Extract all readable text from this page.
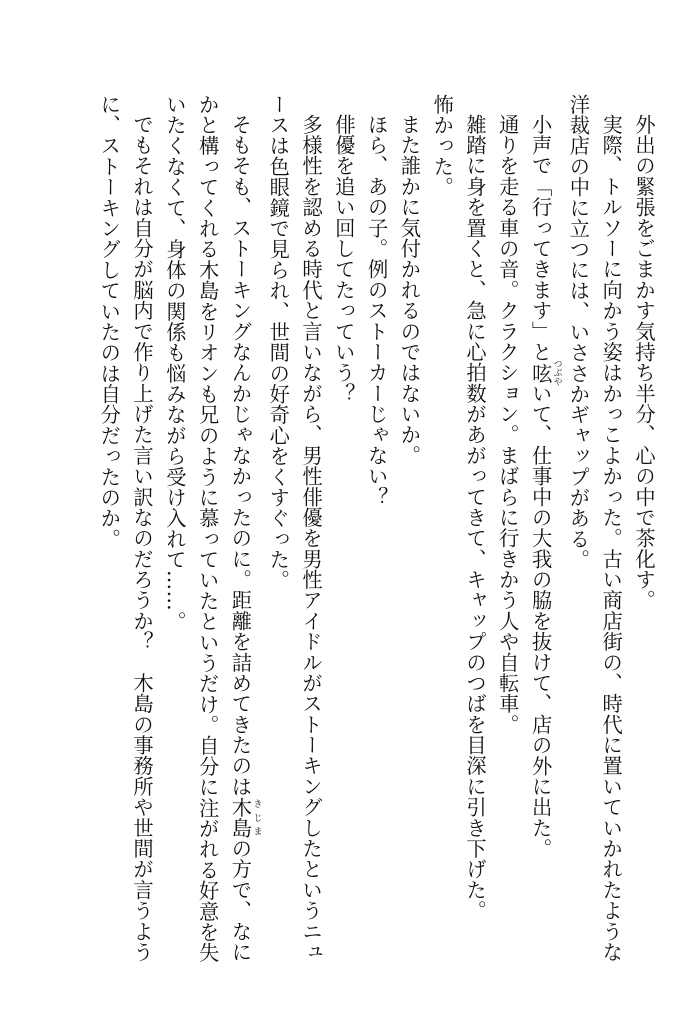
外出の緊張をごまかす気持ち半分、心の中で茶化す。
実際、トルソーに向かう姿はかっこよかった。古い商店街の、時代に置いていかれたような
洋裁店の中に立つには、いささかギャップがある。
小声で「行ってきます」と呟 つぶやいて、仕事中の大我の脇を抜けて、店の外に出た。
通りを走る車の音。クラクション。まばらに行きかう人や自転車。
雑踏に身を置くと、急に心拍数があがってきて、キャップのつばを目深に引き下げた。
怖かった。
また誰かに気付かれるのではないか。
ほら、あの子。例のストーカーじゃない？
俳優を追い回してたっていう？
多様性を認める時代と言いながら、男性俳優を男性アイドルがストーキングしたというニュ
ースは色眼鏡で見られ、世間の好奇心をくすぐった。
そもそも、ストーキングなんかじゃなかったのに。距離を詰めてきたのは木島 きじまの方で、なに
かと構ってくれる木島をリオンも兄のように慕っていたというだけ。自分に注がれる好意を失
いたくなくて、身体の関係も悩みながら受け入れて……。
でもそれは自分が脳内で作り上げた言い訳なのだろうか？　木島の事務所や世間が言うよう
に、ストーキングしていたのは自分だったのか。
